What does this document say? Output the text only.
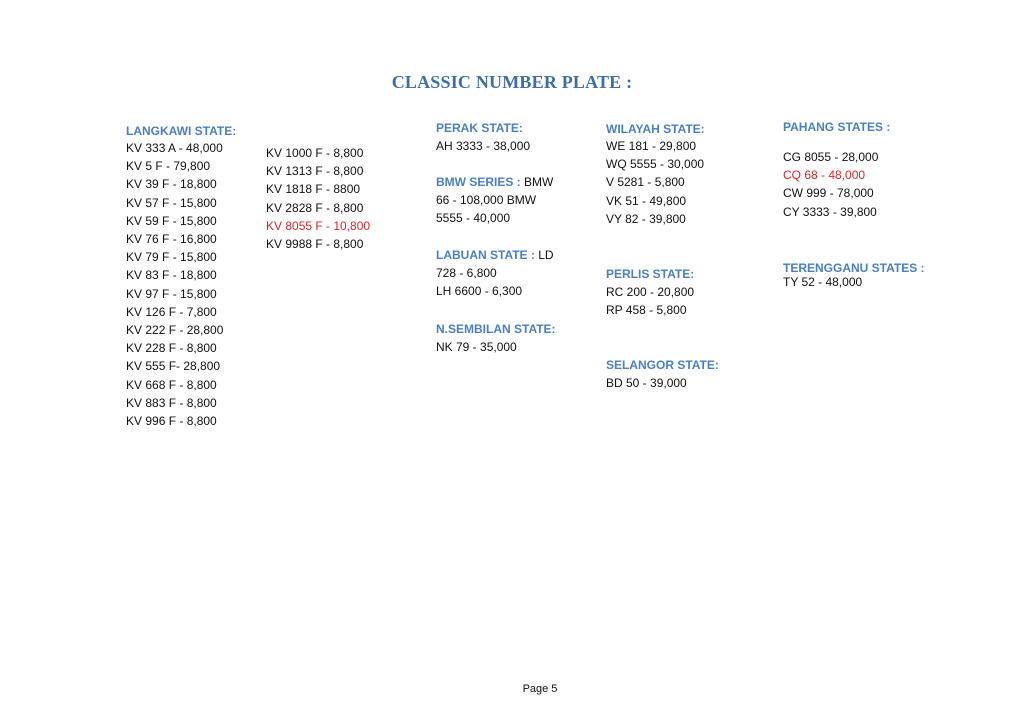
CLASSIC NUMBER PLATE :
LANGKAWI STATE:
KV 333 A - 48,000
KV 5 F - 79,800
KV 39 F - 18,800
KV 57 F - 15,800
KV 59 F - 15,800
KV 76 F - 16,800
KV 79 F - 15,800
KV 83 F - 18,800
KV 97 F - 15,800
KV 126 F - 7,800
KV 222 F - 28,800
KV 228 F - 8,800
KV 555 F- 28,800
KV 668 F - 8,800
KV 883 F - 8,800
KV 996 F - 8,800
KV 1000 F - 8,800
KV 1313 F - 8,800
KV 1818 F - 8800
KV 2828 F - 8,800
KV 8055 F - 10,800
KV 9988 F - 8,800
PERAK STATE:
AH 3333 - 38,000
BMW SERIES : BMW
66 - 108,000 BMW
5555 - 40,000
LABUAN STATE : LD
728 - 6,800
LH 6600 - 6,300
N.SEMBILAN STATE:
NK 79 - 35,000
WILAYAH STATE:
WE 181 - 29,800
WQ 5555 - 30,000
V 5281 - 5,800
VK 51 - 49,800
VY 82 - 39,800
PERLIS STATE:
RC 200 - 20,800
RP 458 - 5,800
SELANGOR STATE:
BD 50 - 39,000
PAHANG STATES :
CG 8055 - 28,000
CQ 68 - 48,000
CW 999 - 78,000
CY 3333 - 39,800
TERENGGANU STATES :
TY 52 - 48,000
Page 5
